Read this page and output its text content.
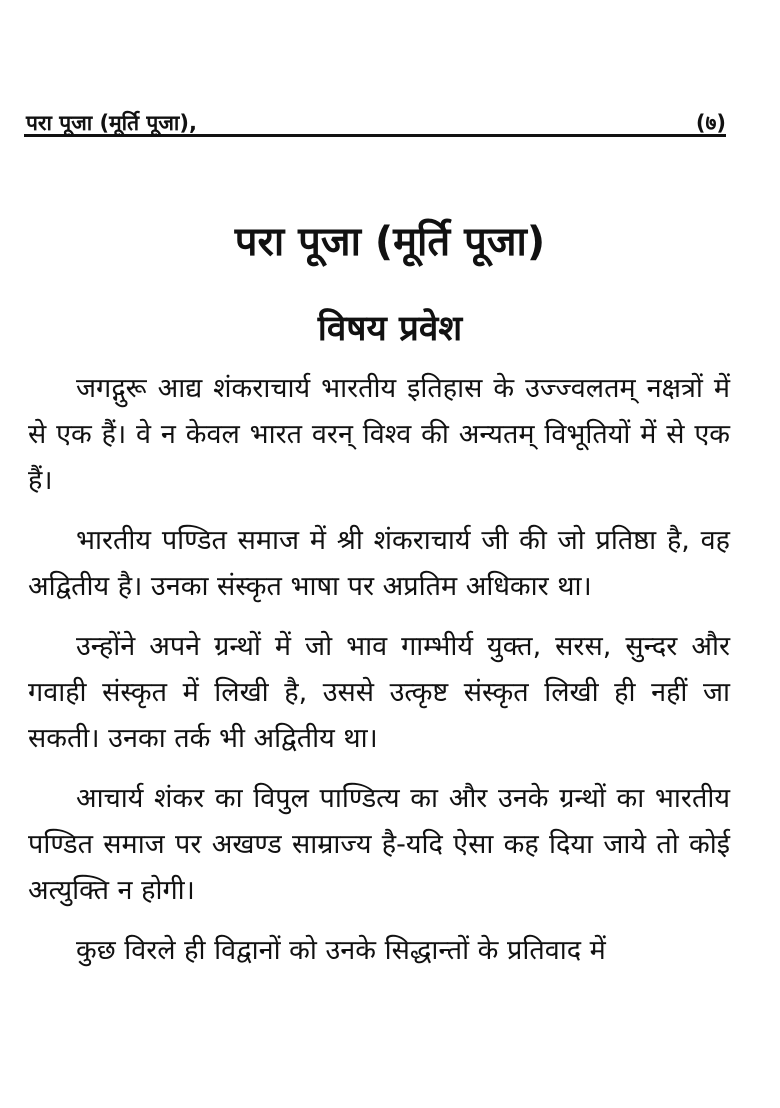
परा पूजा (मूर्ति पूजा),	(७)
परा पूजा (मूर्ति पूजा)
विषय प्रवेश

जगद्गुरू आद्य शंकराचार्य भारतीय इतिहास के उज्ज्वलतम् नक्षत्रों में से एक हैं। वे न केवल भारत वरन् विश्व की अन्यतम् विभूतियों में से एक हैं।

भारतीय पण्डित समाज में श्री शंकराचार्य जी की जो प्रतिष्ठा है, वह अद्वितीय है। उनका संस्कृत भाषा पर अप्रतिम अधिकार था।

उन्होंने अपने ग्रन्थों में जो भाव गाम्भीर्य युक्त, सरस, सुन्दर और गवाही संस्कृत में लिखी है, उससे उत्कृष्ट संस्कृत लिखी ही नहीं जा सकती। उनका तर्क भी अद्वितीय था।

आचार्य शंकर का विपुल पाण्डित्य का और उनके ग्रन्थों का भारतीय पण्डित समाज पर अखण्ड साम्राज्य है-यदि ऐसा कह दिया जाये तो कोई अत्युक्ति न होगी।

कुछ विरले ही विद्वानों को उनके सिद्धान्तों के प्रतिवाद में
